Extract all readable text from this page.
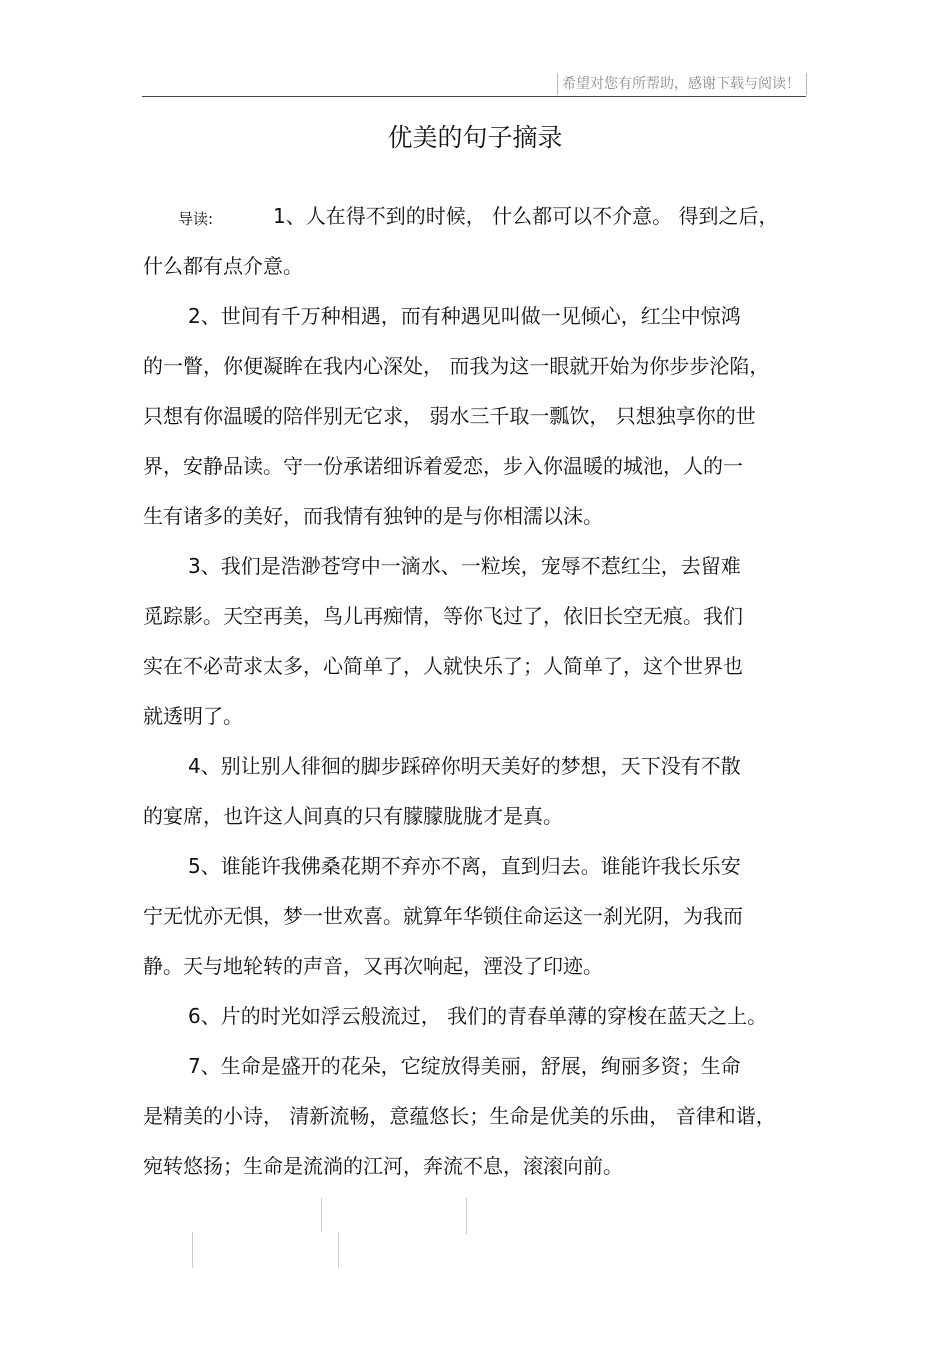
希望对您有所帮助，感谢下载与阅读！
优美的句子摘录
导读:	1、人在得不到的时候， 什么都可以不介意。 得到之后，
什么都有点介意。
2、世间有千万种相遇，而有种遇见叫做一见倾心，红尘中惊鸿
的一瞥，你便凝眸在我内心深处， 而我为这一眼就开始为你步步沦陷，
只想有你温暖的陪伴别无它求， 弱水三千取一瓢饮， 只想独享你的世
界，安静品读。守一份承诺细诉着爱恋，步入你温暖的城池，人的一
生有诸多的美好，而我情有独钟的是与你相濡以沫。
3、我们是浩渺苍穹中一滴水、一粒埃，宠辱不惹红尘，去留难
觅踪影。天空再美，鸟儿再痴情，等你飞过了，依旧长空无痕。我们
实在不必苛求太多，心简单了，人就快乐了；人简单了，这个世界也
就透明了。
4、别让别人徘徊的脚步踩碎你明天美好的梦想，天下没有不散
的宴席，也许这人间真的只有朦朦胧胧才是真。
5、谁能许我佛桑花期不弃亦不离，直到归去。谁能许我长乐安
宁无忧亦无惧，梦一世欢喜。就算年华锁住命运这一刹光阴，为我而
静。天与地轮转的声音，又再次响起，湮没了印迹。
6、片的时光如浮云般流过， 我们的青春单薄的穿梭在蓝天之上。
7、生命是盛开的花朵，它绽放得美丽，舒展，绚丽多资；生命
是精美的小诗， 清新流畅，意蕴悠长；生命是优美的乐曲， 音律和谐，
宛转悠扬；生命是流淌的江河，奔流不息，滚滚向前。
